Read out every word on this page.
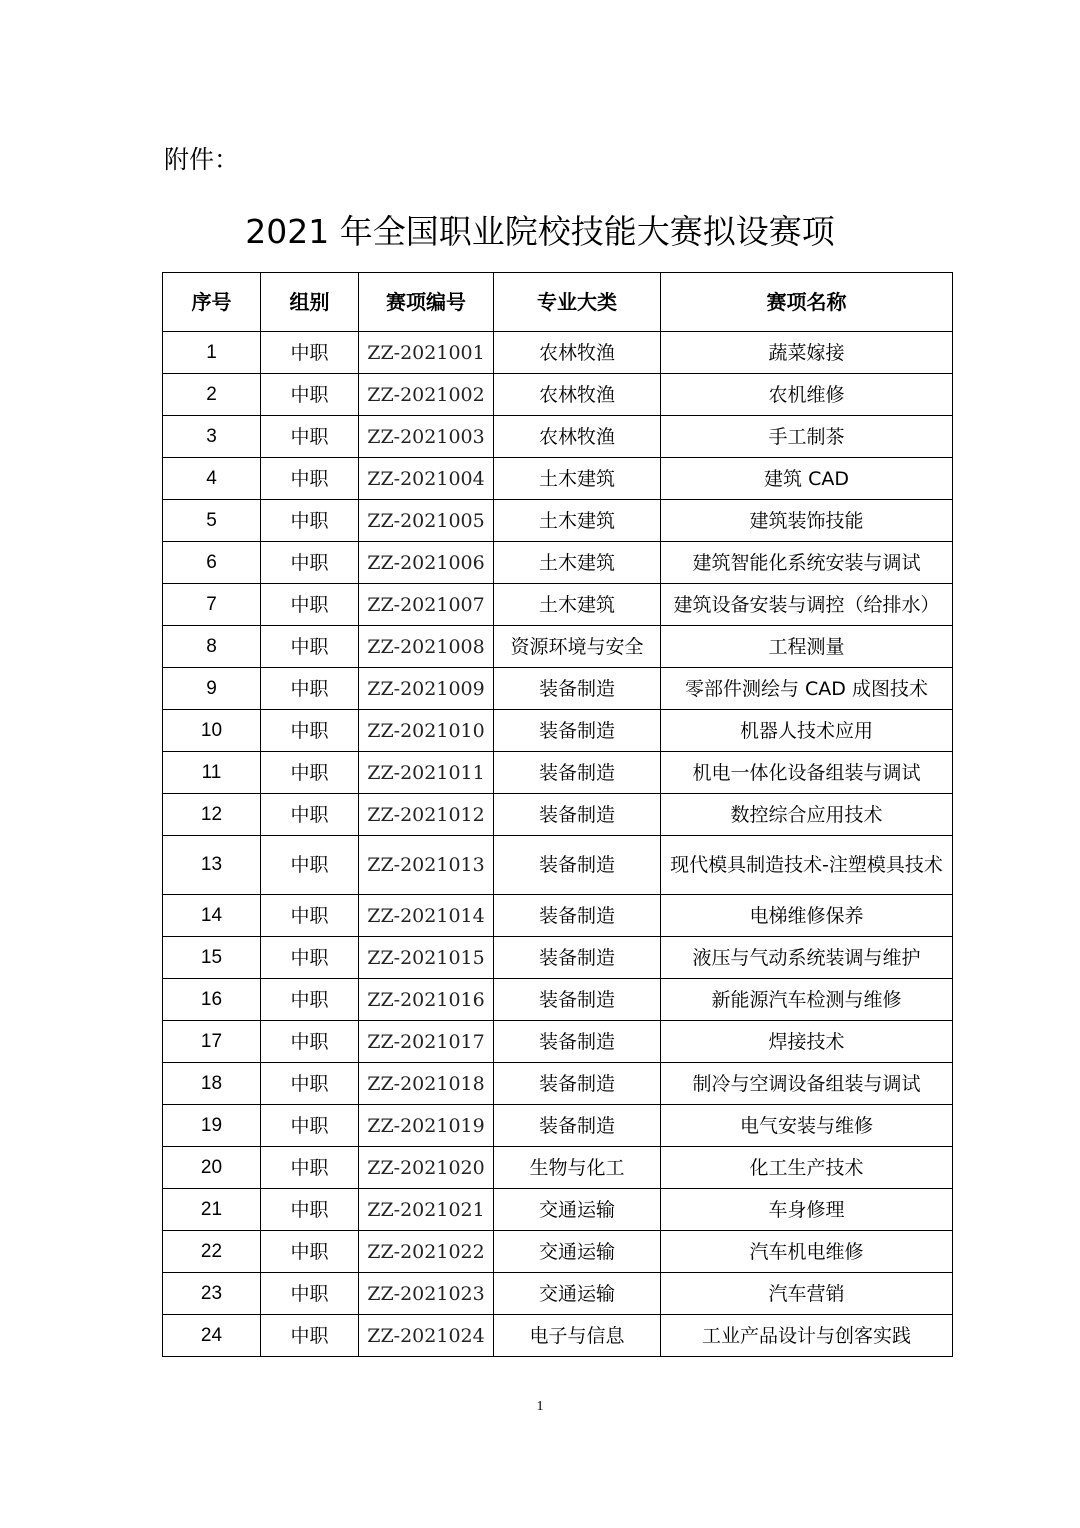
附件：
2021 年全国职业院校技能大赛拟设赛项
序号	组别	赛项编号	专业大类	赛项名称
1	中职	ZZ-2021001	农林牧渔	蔬菜嫁接
2	中职	ZZ-2021002	农林牧渔	农机维修
3	中职	ZZ-2021003	农林牧渔	手工制茶
4	中职	ZZ-2021004	土木建筑	建筑 CAD
5	中职	ZZ-2021005	土木建筑	建筑装饰技能
6	中职	ZZ-2021006	土木建筑	建筑智能化系统安装与调试
7	中职	ZZ-2021007	土木建筑	建筑设备安装与调控（给排水）
8	中职	ZZ-2021008	资源环境与安全	工程测量
9	中职	ZZ-2021009	装备制造	零部件测绘与 CAD 成图技术
10	中职	ZZ-2021010	装备制造	机器人技术应用
11	中职	ZZ-2021011	装备制造	机电一体化设备组装与调试
12	中职	ZZ-2021012	装备制造	数控综合应用技术
13	中职	ZZ-2021013	装备制造	现代模具制造技术-注塑模具技术
14	中职	ZZ-2021014	装备制造	电梯维修保养
15	中职	ZZ-2021015	装备制造	液压与气动系统装调与维护
16	中职	ZZ-2021016	装备制造	新能源汽车检测与维修
17	中职	ZZ-2021017	装备制造	焊接技术
18	中职	ZZ-2021018	装备制造	制冷与空调设备组装与调试
19	中职	ZZ-2021019	装备制造	电气安装与维修
20	中职	ZZ-2021020	生物与化工	化工生产技术
21	中职	ZZ-2021021	交通运输	车身修理
22	中职	ZZ-2021022	交通运输	汽车机电维修
23	中职	ZZ-2021023	交通运输	汽车营销
24	中职	ZZ-2021024	电子与信息	工业产品设计与创客实践
1
